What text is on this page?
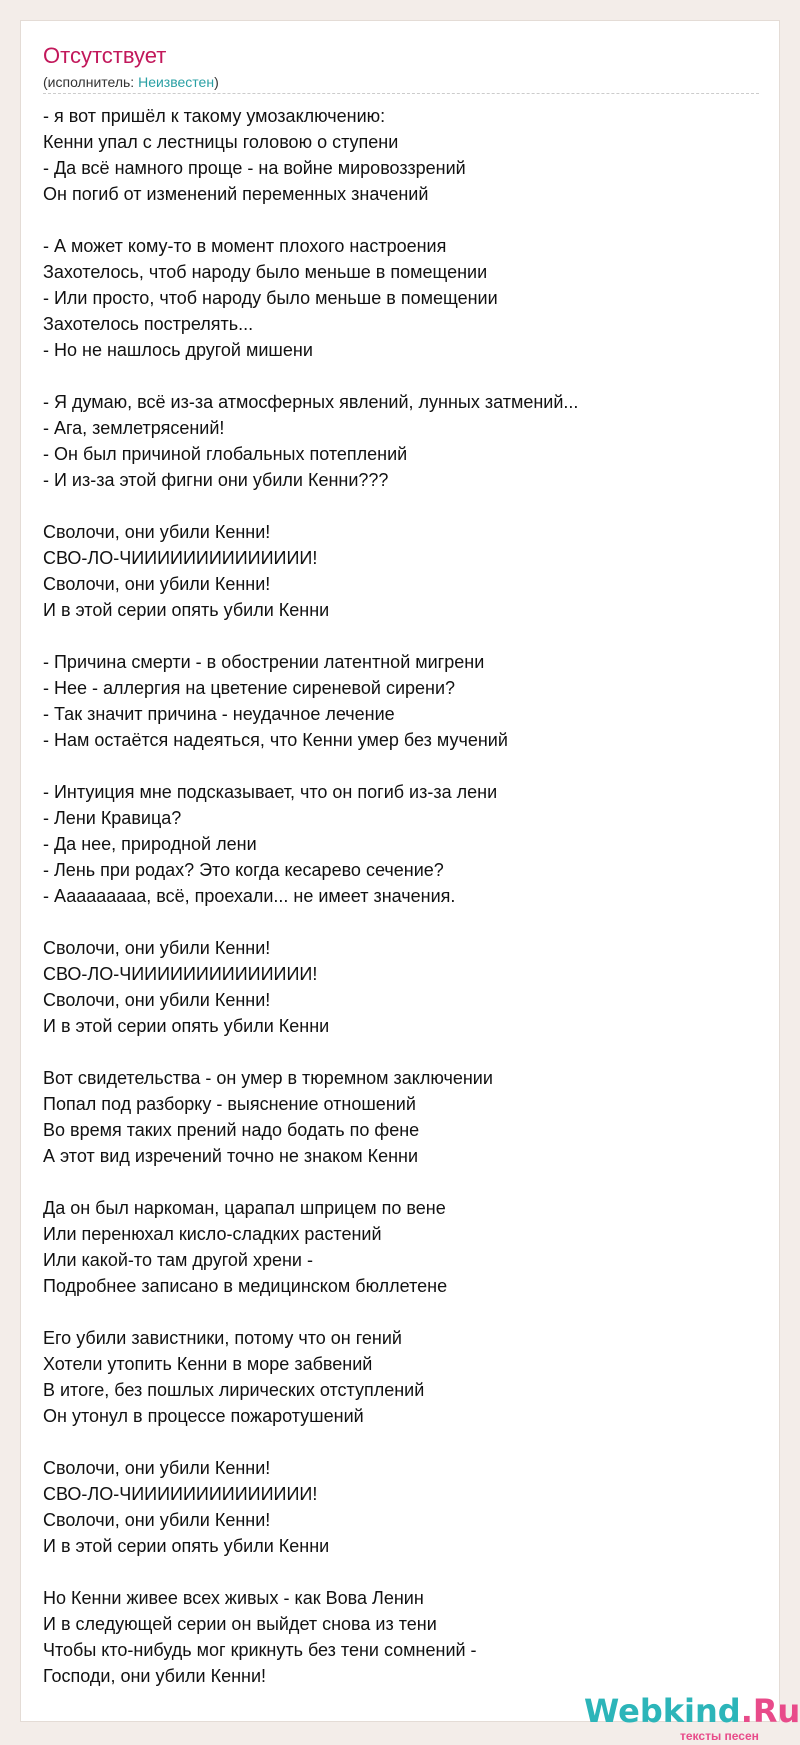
Отсутствует
(исполнитель: Неизвестен)
- я вот пришёл к такому умозаключению:
Кенни упал с лестницы головою о ступени
- Да всё намного проще - на войне мировоззрений
Он погиб от изменений переменных значений
- А может кому-то в момент плохого настроения
Захотелось, чтоб народу было меньше в помещении
- Или просто, чтоб народу было меньше в помещении
Захотелось пострелять...
- Но не нашлось другой мишени
- Я думаю, всё из-за атмосферных явлений, лунных затмений...
- Ага, землетрясений!
- Он был причиной глобальных потеплений
- И из-за этой фигни они убили Кенни???
Сволочи, они убили Кенни!
СВО-ЛО-ЧИИИИИИИИИИИИИИ!
Сволочи, они убили Кенни!
И в этой серии опять убили Кенни
- Причина смерти - в обострении латентной мигрени
- Нее - аллергия на цветение сиреневой сирени?
- Так значит причина - неудачное лечение
- Нам остаётся надеяться, что Кенни умер без мучений
- Интуиция мне подсказывает, что он погиб из-за лени
- Лени Кравица?
- Да нее, природной лени
- Лень при родах? Это когда кесарево сечение?
- Ааааааааа, всё, проехали... не имеет значения.
Сволочи, они убили Кенни!
СВО-ЛО-ЧИИИИИИИИИИИИИИ!
Сволочи, они убили Кенни!
И в этой серии опять убили Кенни
Вот свидетельства - он умер в тюремном заключении
Попал под разборку - выяснение отношений
Во время таких прений надо бодать по фене
А этот вид изречений точно не знаком Кенни
Да он был наркоман, царапал шприцем по вене
Или перенюхал кисло-сладких растений
Или какой-то там другой хрени -
Подробнее записано в медицинском бюллетене
Его убили завистники, потому что он гений
Хотели утопить Кенни в море забвений
В итоге, без пошлых лирических отступлений
Он утонул в процессе пожаротушений
Сволочи, они убили Кенни!
СВО-ЛО-ЧИИИИИИИИИИИИИИ!
Сволочи, они убили Кенни!
И в этой серии опять убили Кенни
Но Кенни живее всех живых - как Вова Ленин
И в следующей серии он выйдет снова из тени
Чтобы кто-нибудь мог крикнуть без тени сомнений -
Господи, они убили Кенни!
Webkind.Ru
тексты песен
